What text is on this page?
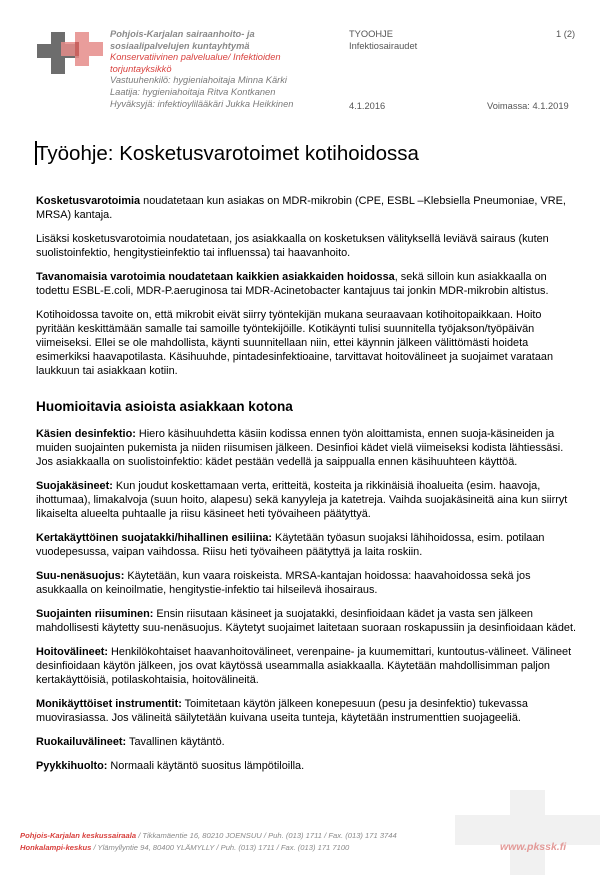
Pohjois-Karjalan sairaanhoito- ja
sosiaalipalvelujen kuntayhtymä
Konservatiivinen palvelualue/ Infektioiden
torjuntayksikkö
Vastuuhenkilö: hygieniahoitaja Minna Kärki
Laatija: hygieniahoitaja Ritva Kontkanen
Hyväksyjä: infektioylilääkäri Jukka Heikkinen
TYOOHJE
Infektiosairaudet
1 (2)
4.1.2016	Voimassa: 4.1.2019
Työohje: Kosketusvarotoimet kotihoidossa

Kosketusvarotoimia noudatetaan kun asiakas on MDR-mikrobin (CPE, ESBL –Klebsiella Pneumoniae, VRE, MRSA) kantaja.

Lisäksi kosketusvarotoimia noudatetaan, jos asiakkaalla on kosketuksen välityksellä leviävä sairaus (kuten suolistoinfektio, hengitystieinfektio tai influenssa) tai haavanhoito.

Tavanomaisia varotoimia noudatetaan kaikkien asiakkaiden hoidossa, sekä silloin kun asiakkaalla on todettu ESBL-E.coli, MDR-P.aeruginosa tai MDR-Acinetobacter kantajuus tai jonkin MDR-mikrobin altistus.

Kotihoidossa tavoite on, että mikrobit eivät siirry työntekijän mukana seuraavaan kotihoitopaikkaan. Hoito pyritään keskittämään samalle tai samoille työntekijöille. Kotikäynti tulisi suunnitella työjakson/työpäivän viimeiseksi. Ellei se ole mahdollista, käynti suunnitellaan niin, ettei käynnin jälkeen välittömästi hoideta esimerkiksi haavapotilasta. Käsihuuhde, pintadesinfektioaine, tarvittavat hoitovälineet ja suojaimet varataan laukkuun tai asiakkaan kotiin.

Huomioitavia asioista asiakkaan kotona

Käsien desinfektio: Hiero käsihuuhdetta käsiin kodissa ennen työn aloittamista, ennen suoja-käsineiden ja muiden suojainten pukemista ja niiden riisumisen jälkeen. Desinfioi kädet vielä viimeiseksi kodista lähtiessäsi. Jos asiakkaalla on suolistoinfektio: kädet pestään vedellä ja saippualla ennen käsihuuhteen käyttöä.

Suojakäsineet: Kun joudut koskettamaan verta, eritteitä, kosteita ja rikkinäisiä ihoalueita (esim. haavoja, ihottumaa), limakalvoja (suun hoito, alapesu) sekä kanyyleja ja katetreja. Vaihda suojakäsineitä aina kun siirryt likaiselta alueelta puhtaalle ja riisu käsineet heti työvaiheen päätyttyä.

Kertakäyttöinen suojatakki/hihallinen esiliina: Käytetään työasun suojaksi lähihoidossa, esim. potilaan vuodepesussa, vaipan vaihdossa. Riisu heti työvaiheen päätyttyä ja laita roskiin.

Suu-nenäsuojus: Käytetään, kun vaara roiskeista. MRSA-kantajan hoidossa: haavahoidossa sekä jos asukkaalla on keinoilmatie, hengitystie-infektio tai hilseilevä ihosairaus.

Suojainten riisuminen: Ensin riisutaan käsineet ja suojatakki, desinfioidaan kädet ja vasta sen jälkeen mahdollisesti käytetty suu-nenäsuojus. Käytetyt suojaimet laitetaan suoraan roskapussiin ja desinfioidaan kädet.

Hoitovälineet: Henkilökohtaiset haavanhoitovälineet, verenpaine- ja kuumemittari, kuntoutus-välineet. Välineet desinfioidaan käytön jälkeen, jos ovat käytössä useammalla asiakkaalla. Käytetään mahdollisimman paljon kertakäyttöisiä, potilaskohtaisia, hoitovälineitä.

Monikäyttöiset instrumentit: Toimitetaan käytön jälkeen konepesuun (pesu ja desinfektio) tukevassa muovirasiassa. Jos välineitä säilytetään kuivana useita tunteja, käytetään instrumenttien suojageeliä.

Ruokailuvälineet: Tavallinen käytäntö.

Pyykkihuolto: Normaali käytäntö suositus lämpötiloilla.

Pohjois-Karjalan keskussairaala / Tikkamäentie 16, 80210 JOENSUU / Puh. (013) 1711 / Fax. (013) 171 3744
Honkalampi-keskus / Ylämyllyntie 94, 80400 YLÄMYLLY / Puh. (013) 1711 / Fax. (013) 171 7100	www.pkssk.fi
